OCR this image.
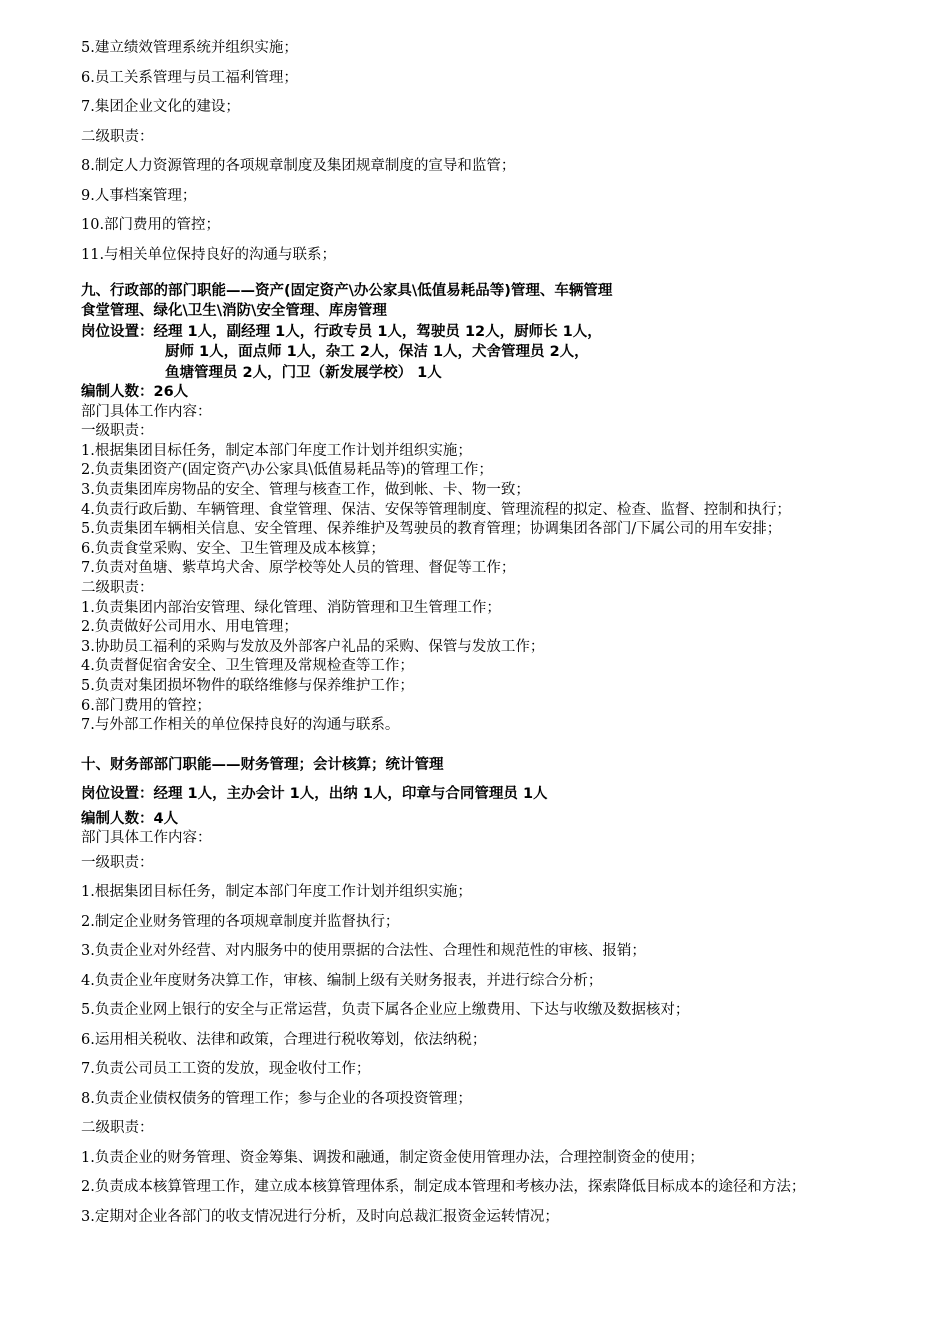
5.建立绩效管理系统并组织实施；
6.员工关系管理与员工福利管理；
7.集团企业文化的建设；
二级职责：
8.制定人力资源管理的各项规章制度及集团规章制度的宣导和监管；
9.人事档案管理；
10.部门费用的管控；
11.与相关单位保持良好的沟通与联系；
九、行政部的部门职能——资产(固定资产\办公家具\低值易耗品等)管理、车辆管理
食堂管理、绿化\卫生\消防\安全管理、库房管理
岗位设置：经理 1人，副经理 1人，行政专员 1人，驾驶员 12人，厨师长 1人，
厨师 1人，面点师 1人，杂工 2人，保洁 1人，犬舍管理员 2人，
鱼塘管理员 2人，门卫（新发展学校） 1人
编制人数：26人
部门具体工作内容：
一级职责：
1.根据集团目标任务，制定本部门年度工作计划并组织实施；
2.负责集团资产(固定资产\办公家具\低值易耗品等)的管理工作；
3.负责集团库房物品的安全、管理与核查工作，做到帐、卡、物一致；
4.负责行政后勤、车辆管理、食堂管理、保洁、安保等管理制度、管理流程的拟定、检查、监督、控制和执行；
5.负责集团车辆相关信息、安全管理、保养维护及驾驶员的教育管理；协调集团各部门/下属公司的用车安排；
6.负责食堂采购、安全、卫生管理及成本核算；
7.负责对鱼塘、紫草坞犬舍、原学校等处人员的管理、督促等工作；
二级职责：
1.负责集团内部治安管理、绿化管理、消防管理和卫生管理工作；
2.负责做好公司用水、用电管理；
3.协助员工福利的采购与发放及外部客户礼品的采购、保管与发放工作；
4.负责督促宿舍安全、卫生管理及常规检查等工作；
5.负责对集团损坏物件的联络维修与保养维护工作；
6.部门费用的管控；
7.与外部工作相关的单位保持良好的沟通与联系。
十、财务部部门职能——财务管理；会计核算；统计管理
岗位设置：经理 1人，主办会计 1人，出纳 1人，印章与合同管理员 1人
编制人数：4人
部门具体工作内容：
一级职责：
1.根据集团目标任务，制定本部门年度工作计划并组织实施；
2.制定企业财务管理的各项规章制度并监督执行；
3.负责企业对外经营、对内服务中的使用票据的合法性、合理性和规范性的审核、报销；
4.负责企业年度财务决算工作，审核、编制上级有关财务报表，并进行综合分析；
5.负责企业网上银行的安全与正常运营，负责下属各企业应上缴费用、下达与收缴及数据核对；
6.运用相关税收、法律和政策，合理进行税收筹划，依法纳税；
7.负责公司员工工资的发放，现金收付工作；
8.负责企业债权债务的管理工作；参与企业的各项投资管理；
二级职责：
1.负责企业的财务管理、资金筹集、调拨和融通，制定资金使用管理办法，合理控制资金的使用；
2.负责成本核算管理工作，建立成本核算管理体系，制定成本管理和考核办法，探索降低目标成本的途径和方法；
3.定期对企业各部门的收支情况进行分析，及时向总裁汇报资金运转情况；
